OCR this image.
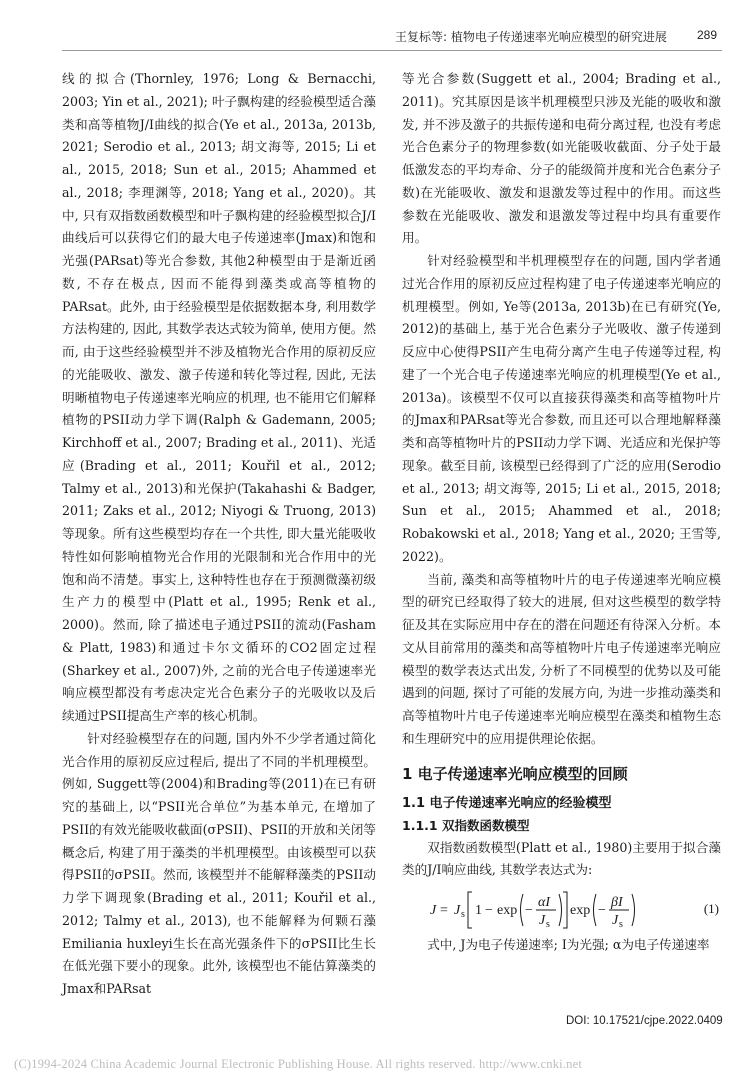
王复标等: 植物电子传递速率光响应模型的研究进展	289

线的拟合(Thornley, 1976; Long & Bernacchi, 2003; Yin et al., 2021); 叶子飘构建的经验模型适合藻类和高等植物J/I曲线的拟合(Ye et al., 2013a, 2013b, 2021; Serodio et al., 2013; 胡文海等, 2015; Li et al., 2015, 2018; Sun et al., 2015; Ahammed et al., 2018; 李理渊等, 2018; Yang et al., 2020)。其中, 只有双指数函数模型和叶子飘构建的经验模型拟合J/I曲线后可以获得它们的最大电子传递速率(Jmax)和饱和光强(PARsat)等光合参数, 其他2种模型由于是渐近函数, 不存在极点, 因而不能得到藻类或高等植物的PARsat。此外, 由于经验模型是依据数据本身, 利用数学方法构建的, 因此, 其数学表达式较为简单, 使用方便。然而, 由于这些经验模型并不涉及植物光合作用的原初反应的光能吸收、激发、激子传递和转化等过程, 因此, 无法明晰植物电子传递速率光响应的机理, 也不能用它们解释植物的PSII动力学下调(Ralph & Gademann, 2005; Kirchhoff et al., 2007; Brading et al., 2011)、光适应(Brading et al., 2011; Kouřil et al., 2012; Talmy et al., 2013)和光保护(Takahashi & Badger, 2011; Zaks et al., 2012; Niyogi & Truong, 2013)等现象。所有这些模型均存在一个共性, 即大量光能吸收特性如何影响植物光合作用的光限制和光合作用中的光饱和尚不清楚。事实上, 这种特性也存在于预测微藻初级生产力的模型中(Platt et al., 1995; Renk et al., 2000)。然而, 除了描述电子通过PSII的流动(Fasham & Platt, 1983)和通过卡尔文循环的CO2固定过程(Sharkey et al., 2007)外, 之前的光合电子传递速率光响应模型都没有考虑决定光合色素分子的光吸收以及后续通过PSII提高生产率的核心机制。

针对经验模型存在的问题, 国内外不少学者通过简化光合作用的原初反应过程后, 提出了不同的半机理模型。例如, Suggett等(2004)和Brading等(2011)在已有研究的基础上, 以“PSII光合单位”为基本单元, 在增加了PSII的有效光能吸收截面(σPSII)、PSII的开放和关闭等概念后, 构建了用于藻类的半机理模型。由该模型可以获得PSII的σPSII。然而, 该模型并不能解释藻类的PSII动力学下调现象(Brading et al., 2011; Kouřil et al., 2012; Talmy et al., 2013), 也不能解释为何颗石藻Emiliania huxleyi生长在高光强条件下的σPSII比生长在低光强下要小的现象。此外, 该模型也不能估算藻类的Jmax和PARsat

等光合参数(Suggett et al., 2004; Brading et al., 2011)。究其原因是该半机理模型只涉及光能的吸收和激发, 并不涉及激子的共振传递和电荷分离过程, 也没有考虑光合色素分子的物理参数(如光能吸收截面、分子处于最低激发态的平均寿命、分子的能级简并度和光合色素分子数)在光能吸收、激发和退激发等过程中的作用。而这些参数在光能吸收、激发和退激发等过程中均具有重要作用。

针对经验模型和半机理模型存在的问题, 国内学者通过光合作用的原初反应过程构建了电子传递速率光响应的机理模型。例如, Ye等(2013a, 2013b)在已有研究(Ye, 2012)的基础上, 基于光合色素分子光吸收、激子传递到反应中心使得PSII产生电荷分离产生电子传递等过程, 构建了一个光合电子传递速率光响应的机理模型(Ye et al., 2013a)。该模型不仅可以直接获得藻类和高等植物叶片的Jmax和PARsat等光合参数, 而且还可以合理地解释藻类和高等植物叶片的PSII动力学下调、光适应和光保护等现象。截至目前, 该模型已经得到了广泛的应用(Serodio et al., 2013; 胡文海等, 2015; Li et al., 2015, 2018; Sun et al., 2015; Ahammed et al., 2018; Robakowski et al., 2018; Yang et al., 2020; 王雪等, 2022)。

当前, 藻类和高等植物叶片的电子传递速率光响应模型的研究已经取得了较大的进展, 但对这些模型的数学特征及其在实际应用中存在的潜在问题还有待深入分析。本文从目前常用的藻类和高等植物叶片电子传递速率光响应模型的数学表达式出发, 分析了不同模型的优势以及可能遇到的问题, 探讨了可能的发展方向, 为进一步推动藻类和高等植物叶片电子传递速率光响应模型在藻类和植物生态和生理研究中的应用提供理论依据。

1 电子传递速率光响应模型的回顾
1.1 电子传递速率光响应的经验模型
1.1.1 双指数函数模型

双指数函数模型(Platt et al., 1980)主要用于拟合藻类的J/I响应曲线, 其数学表达式为:

J = J s 1 − exp −
αI
J s
exp −
βI
J s
(1)

式中, J为电子传递速率; I为光强; α为电子传递速率

DOI: 10.17521/cjpe.2022.0409
(C)1994-2024 China Academic Journal Electronic Publishing House. All rights reserved. http://www.cnki.net
